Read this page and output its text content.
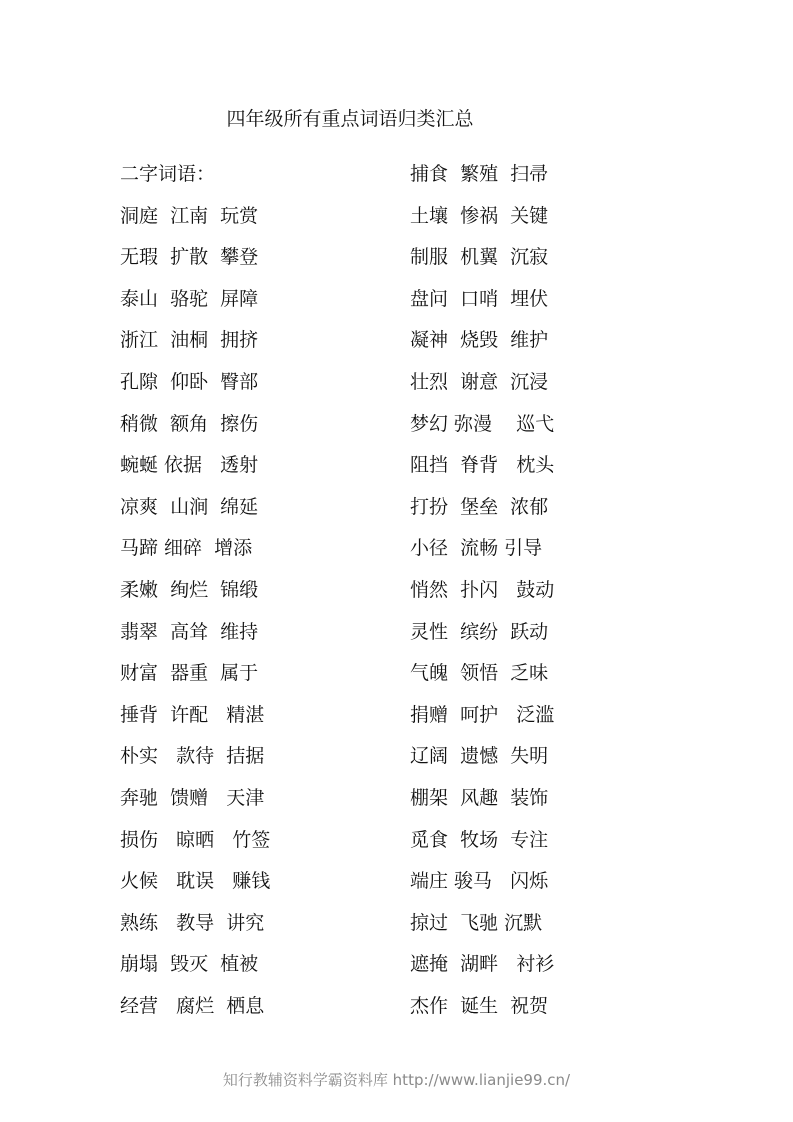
四年级所有重点词语归类汇总
二字词语：
洞庭  江南  玩赏
无瑕  扩散  攀登
泰山  骆驼  屏障
浙江  油桐  拥挤
孔隙  仰卧  臀部
稍微  额角  擦伤
蜿蜒 依据   透射
凉爽  山涧  绵延
马蹄 细碎  增添
柔嫩  绚烂  锦缎
翡翠  高耸  维持
财富  器重  属于
捶背  许配   精湛
朴实   款待  拮据
奔驰  馈赠   天津
损伤   晾晒   竹签
火候   耽误   赚钱
熟练   教导  讲究
崩塌  毁灭  植被
经营   腐烂  栖息
捕食  繁殖  扫帚
土壤  惨祸  关键
制服  机翼  沉寂
盘问  口哨  埋伏
凝神  烧毁  维护
壮烈  谢意  沉浸
梦幻 弥漫    巡弋
阻挡  脊背   枕头
打扮  堡垒  浓郁
小径  流畅 引导
悄然  扑闪   鼓动
灵性  缤纷  跃动
气魄  领悟  乏味
捐赠  呵护   泛滥
辽阔  遗憾  失明
棚架  风趣  装饰
觅食  牧场  专注
端庄 骏马   闪烁
掠过  飞驰 沉默
遮掩  湖畔   衬衫
杰作  诞生  祝贺
知行教辅资料学霸资料库 http://www.lianjie99.cn/
